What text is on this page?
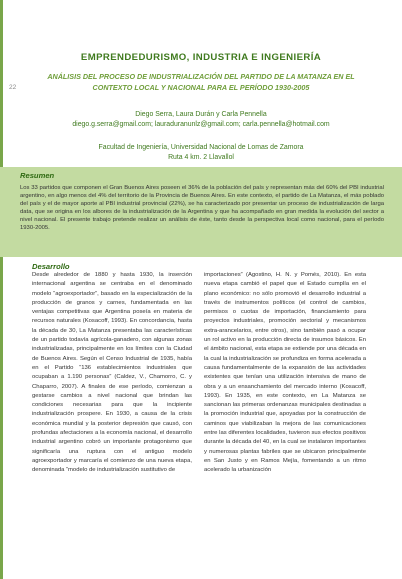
22
EMPRENDEDURISMO, INDUSTRIA E INGENIERÍA
ANÁLISIS DEL PROCESO DE INDUSTRIALIZACIÓN DEL PARTIDO DE LA MATANZA EN EL CONTEXTO LOCAL Y NACIONAL PARA EL PERÍODO 1930-2005
Diego Serra, Laura Durán y Carla Pennella
diego.g.serra@gmail.com; lauraduranunlz@gmail.com; carla.pennella@hotmail.com
Facultad de Ingeniería, Universidad Nacional de Lomas de Zamora
Ruta 4 km. 2 Llavallol
Resumen

Los 33 partidos que componen el Gran Buenos Aires poseen el 36% de la población del país y representan más del 60% del PBI industrial argentino, en algo menos del 4% del territorio de la Provincia de Buenos Aires. En este contexto, el partido de La Matanza, el más poblado del país y el de mayor aporte al PBI industrial provincial (22%), se ha caracterizado por presentar un proceso de industrialización de larga data, que se origina en los albores de la industrialización de la Argentina y que ha acompañado en gran medida la evolución del sector a nivel nacional. El presente trabajo pretende realizar un análisis de éste, tanto desde la perspectiva local como nacional, para el período 1930-2005.

Desarrollo

Desde alrededor de 1880 y hasta 1930, la inserción internacional argentina se centraba en el denominado modelo “agroexportador”, basado en la especialización de la producción de granos y carnes, fundamentada en las ventajas competitivas que Argentina poseía en materia de recursos naturales (Kosacoff, 1993). En concordancia, hasta la década de 30, La Matanza presentaba las características de un partido todavía agrícola-ganadero, con algunas zonas industrializadas, principalmente en los límites con la Ciudad de Buenos Aires. Según el Censo Industrial de 1935, había en el Partido “136 establecimientos industriales que ocupaban a 1.190 personas” (Caldez, V., Chamorro, C. y Chaparro, 2007). A finales de ese período, comienzan a gestarse cambios a nivel nacional que brindan las condiciones necesarias para que la incipiente industrialización prospere. En 1930, a causa de la crisis económica mundial y la posterior depresión que causó, con profundas afectaciones a la economía nacional, el desarrollo industrial argentino cobró un importante protagonismo que significaría una ruptura con el antiguo modelo agroexportador y marcaría el comienzo de una nueva etapa, denominada “modelo de industrialización sustitutivo de

importaciones” (Agostino, H. N. y Pomés, 2010). En esta nueva etapa cambió el papel que el Estado cumplía en el plano económico: no sólo promovió el desarrollo industrial a través de instrumentos políticos (el control de cambios, permisos o cuotas de importación, financiamiento para proyectos industriales, promoción sectorial y mecanismos extra-arancelarios, entre otros), sino también pasó a ocupar un rol activo en la producción directa de insumos básicos. En el ámbito nacional, esta etapa se extiende por una década en la cual la industrialización se profundiza en forma acelerada a causa fundamentalmente de la expansión de las actividades existentes que tenían una utilización intensiva de mano de obra y a un ensanchamiento del mercado interno (Kosacoff, 1993). En 1935, en este contexto, en La Matanza se sancionan las primeras ordenanzas municipales destinadas a la promoción industrial que, apoyadas por la construcción de caminos que viabilizaban la mejora de las comunicaciones entre las diferentes localidades, tuvieron sus efectos positivos durante la década del 40, en la cual se instalaron importantes y numerosas plantas fabriles que se ubicaron principalmente en San Justo y en Ramos Mejía, fomentando a un ritmo acelerado la urbanización
